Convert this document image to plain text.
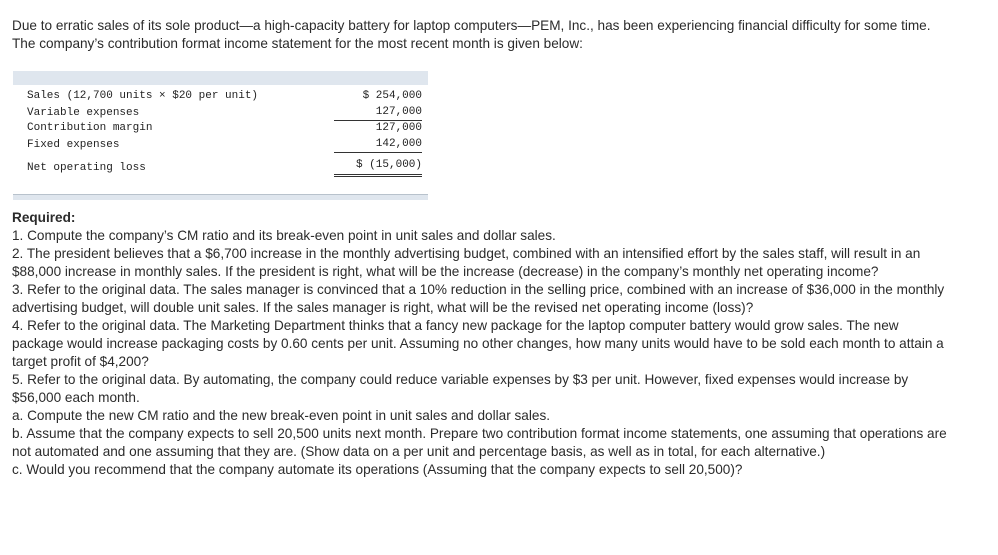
Due to erratic sales of its sole product—a high-capacity battery for laptop computers—PEM, Inc., has been experiencing financial difficulty for some time. The company’s contribution format income statement for the most recent month is given below:

Sales (12,700 units × $20 per unit)	$ 254,000
Variable expenses	127,000
Contribution margin	127,000
Fixed expenses	142,000
Net operating loss	$ (15,000)

Required:

1. Compute the company’s CM ratio and its break-even point in unit sales and dollar sales.

2. The president believes that a $6,700 increase in the monthly advertising budget, combined with an intensified effort by the sales staff, will result in an $88,000 increase in monthly sales. If the president is right, what will be the increase (decrease) in the company’s monthly net operating income?

3. Refer to the original data. The sales manager is convinced that a 10% reduction in the selling price, combined with an increase of $36,000 in the monthly advertising budget, will double unit sales. If the sales manager is right, what will be the revised net operating income (loss)?

4. Refer to the original data. The Marketing Department thinks that a fancy new package for the laptop computer battery would grow sales. The new package would increase packaging costs by 0.60 cents per unit. Assuming no other changes, how many units would have to be sold each month to attain a target profit of $4,200?

5. Refer to the original data. By automating, the company could reduce variable expenses by $3 per unit. However, fixed expenses would increase by $56,000 each month.

a. Compute the new CM ratio and the new break-even point in unit sales and dollar sales.

b. Assume that the company expects to sell 20,500 units next month. Prepare two contribution format income statements, one assuming that operations are not automated and one assuming that they are. (Show data on a per unit and percentage basis, as well as in total, for each alternative.)

c. Would you recommend that the company automate its operations (Assuming that the company expects to sell 20,500)?
